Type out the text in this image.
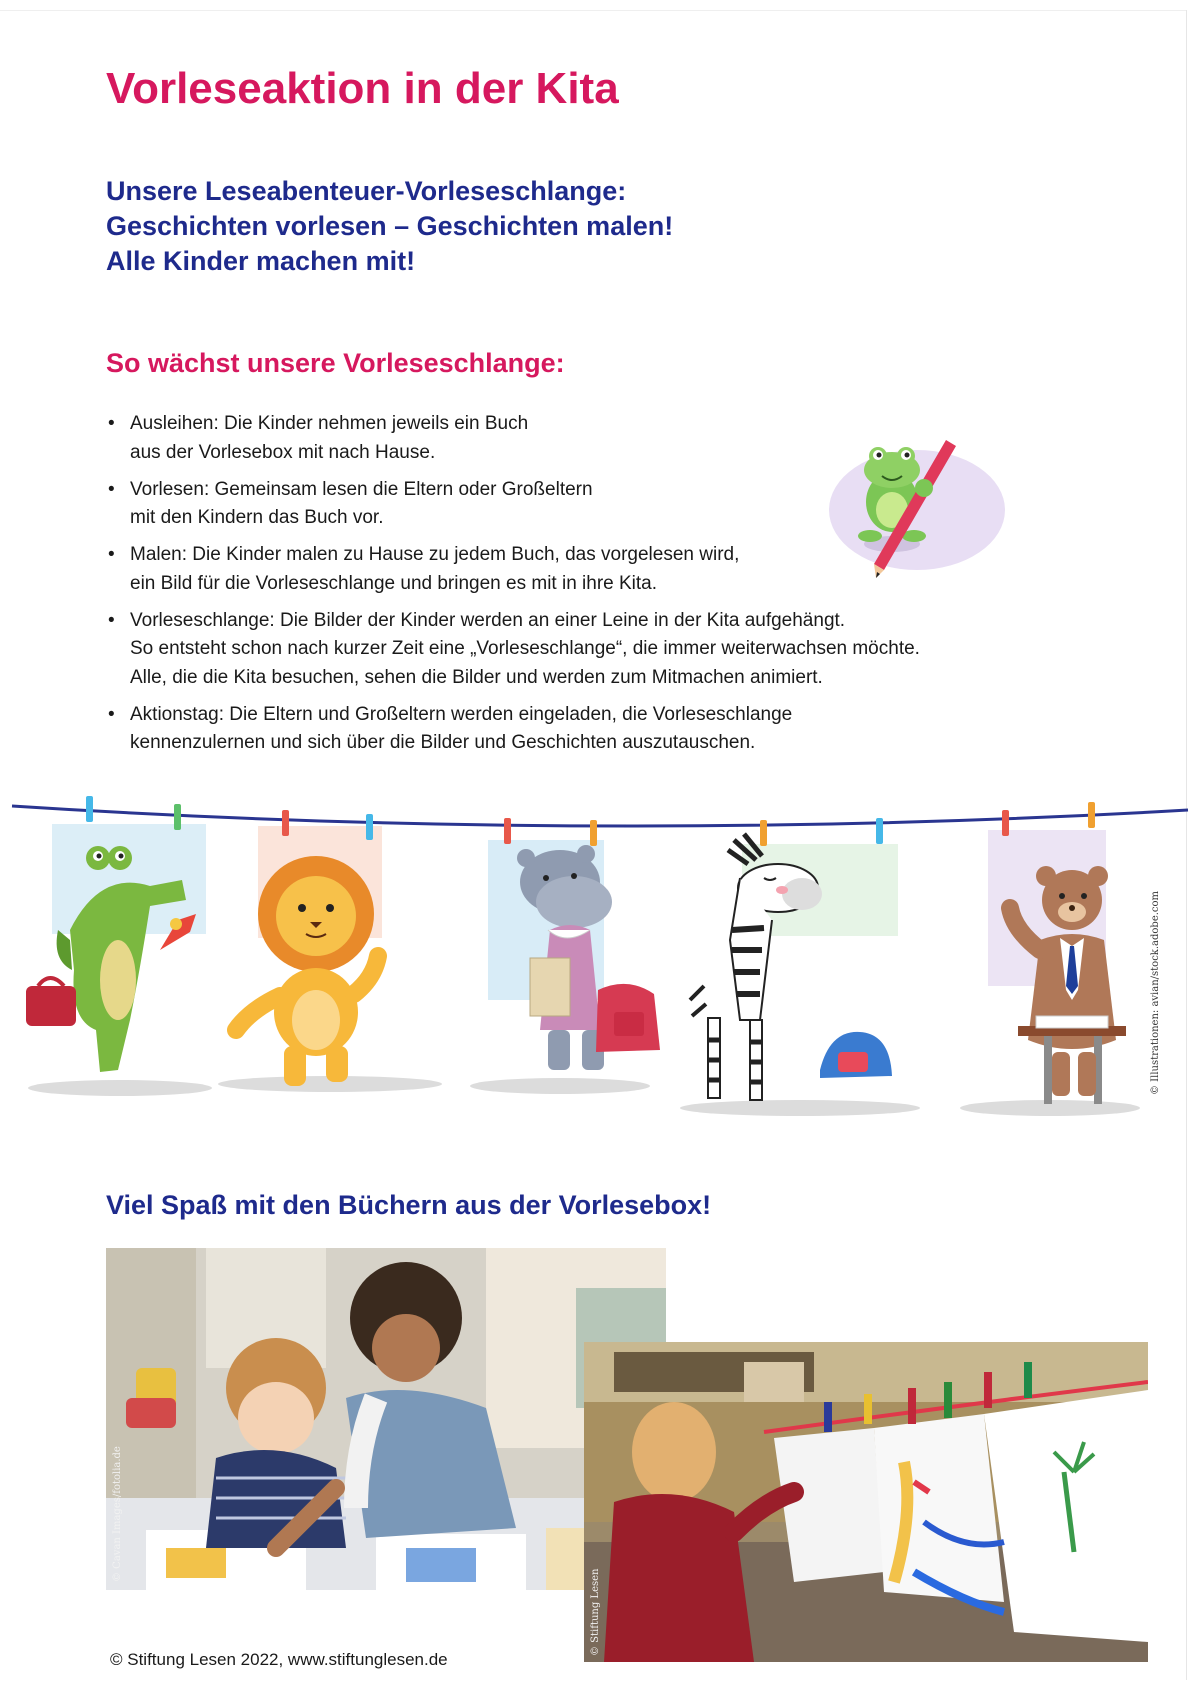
Vorleseaktion in der Kita
Unsere Leseabenteuer-Vorleseschlange:
Geschichten vorlesen – Geschichten malen!
Alle Kinder machen mit!
So wächst unsere Vorleseschlange:
• Ausleihen: Die Kinder nehmen jeweils ein Buch
aus der Vorlesebox mit nach Hause.
• Vorlesen: Gemeinsam lesen die Eltern oder Großeltern
mit den Kindern das Buch vor.
• Malen: Die Kinder malen zu Hause zu jedem Buch, das vorgelesen wird,
ein Bild für die Vorleseschlange und bringen es mit in ihre Kita.
• Vorleseschlange: Die Bilder der Kinder werden an einer Leine in der Kita aufgehängt.
So entsteht schon nach kurzer Zeit eine „Vorleseschlange“, die immer weiterwachsen möchte.
Alle, die die Kita besuchen, sehen die Bilder und werden zum Mitmachen animiert.
• Aktionstag: Die Eltern und Großeltern werden eingeladen, die Vorleseschlange
kennenzulernen und sich über die Bilder und Geschichten auszutauschen.
© Illustrationen: avian/stock.adobe.com
Viel Spaß mit den Büchern aus der Vorlesebox!
© Cavan Images/fotolia.de
© Stiftung Lesen
© Stiftung Lesen 2022, www.stiftunglesen.de
